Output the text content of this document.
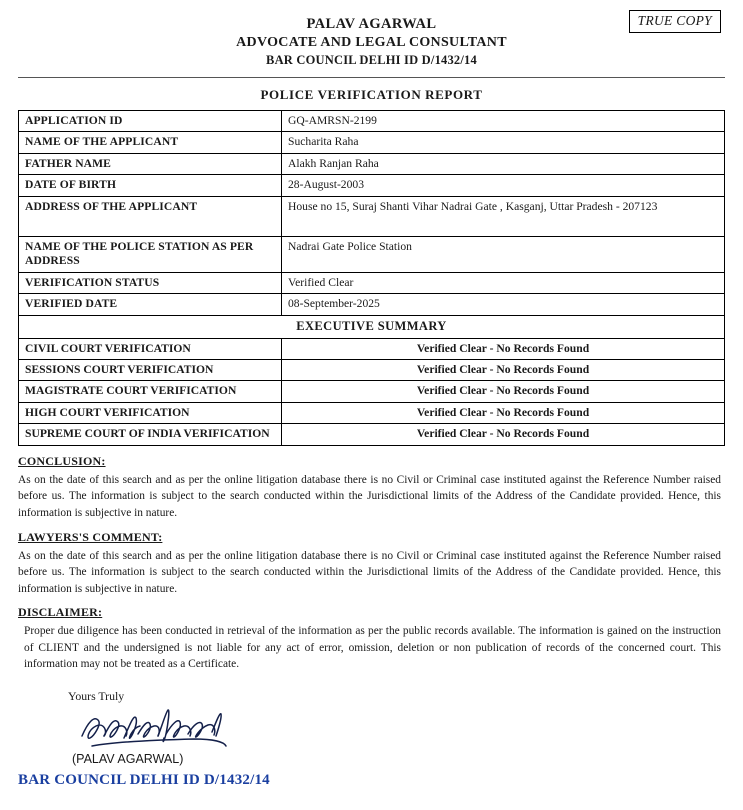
TRUE COPY
PALAV AGARWAL
ADVOCATE AND LEGAL CONSULTANT
BAR COUNCIL DELHI ID D/1432/14
POLICE VERIFICATION REPORT
APPLICATION ID	GQ-AMRSN-2199
NAME OF THE APPLICANT	Sucharita Raha
FATHER NAME	Alakh Ranjan Raha
DATE OF BIRTH	28-August-2003
ADDRESS OF THE APPLICANT	House no 15, Suraj Shanti Vihar Nadrai Gate , Kasganj, Uttar Pradesh - 207123
NAME OF THE POLICE STATION AS PER ADDRESS	Nadrai Gate Police Station
VERIFICATION STATUS	Verified Clear
VERIFIED DATE	08-September-2025
EXECUTIVE SUMMARY	
CIVIL COURT VERIFICATION	Verified Clear - No Records Found
SESSIONS COURT VERIFICATION	Verified Clear - No Records Found
MAGISTRATE COURT VERIFICATION	Verified Clear - No Records Found
HIGH COURT VERIFICATION	Verified Clear - No Records Found
SUPREME COURT OF INDIA VERIFICATION	Verified Clear - No Records Found
CONCLUSION:

As on the date of this search and as per the online litigation database there is no Civil or Criminal case instituted against the Reference Number raised before us. The information is subject to the search conducted within the Jurisdictional limits of the Address of the Candidate provided. Hence, this information is subjective in nature.

LAWYERS'S COMMENT:

As on the date of this search and as per the online litigation database there is no Civil or Criminal case instituted against the Reference Number raised before us. The information is subject to the search conducted within the Jurisdictional limits of the Address of the Candidate provided. Hence, this information is subjective in nature.

DISCLAIMER:

Proper due diligence has been conducted in retrieval of the information as per the public records available. The information is gained on the instruction of CLIENT and the undersigned is not liable for any act of error, omission, deletion or non publication of records of the concerned court. This information may not be treated as a Certificate.

Yours Truly
(PALAV AGARWAL)
BAR COUNCIL DELHI ID D/1432/14
